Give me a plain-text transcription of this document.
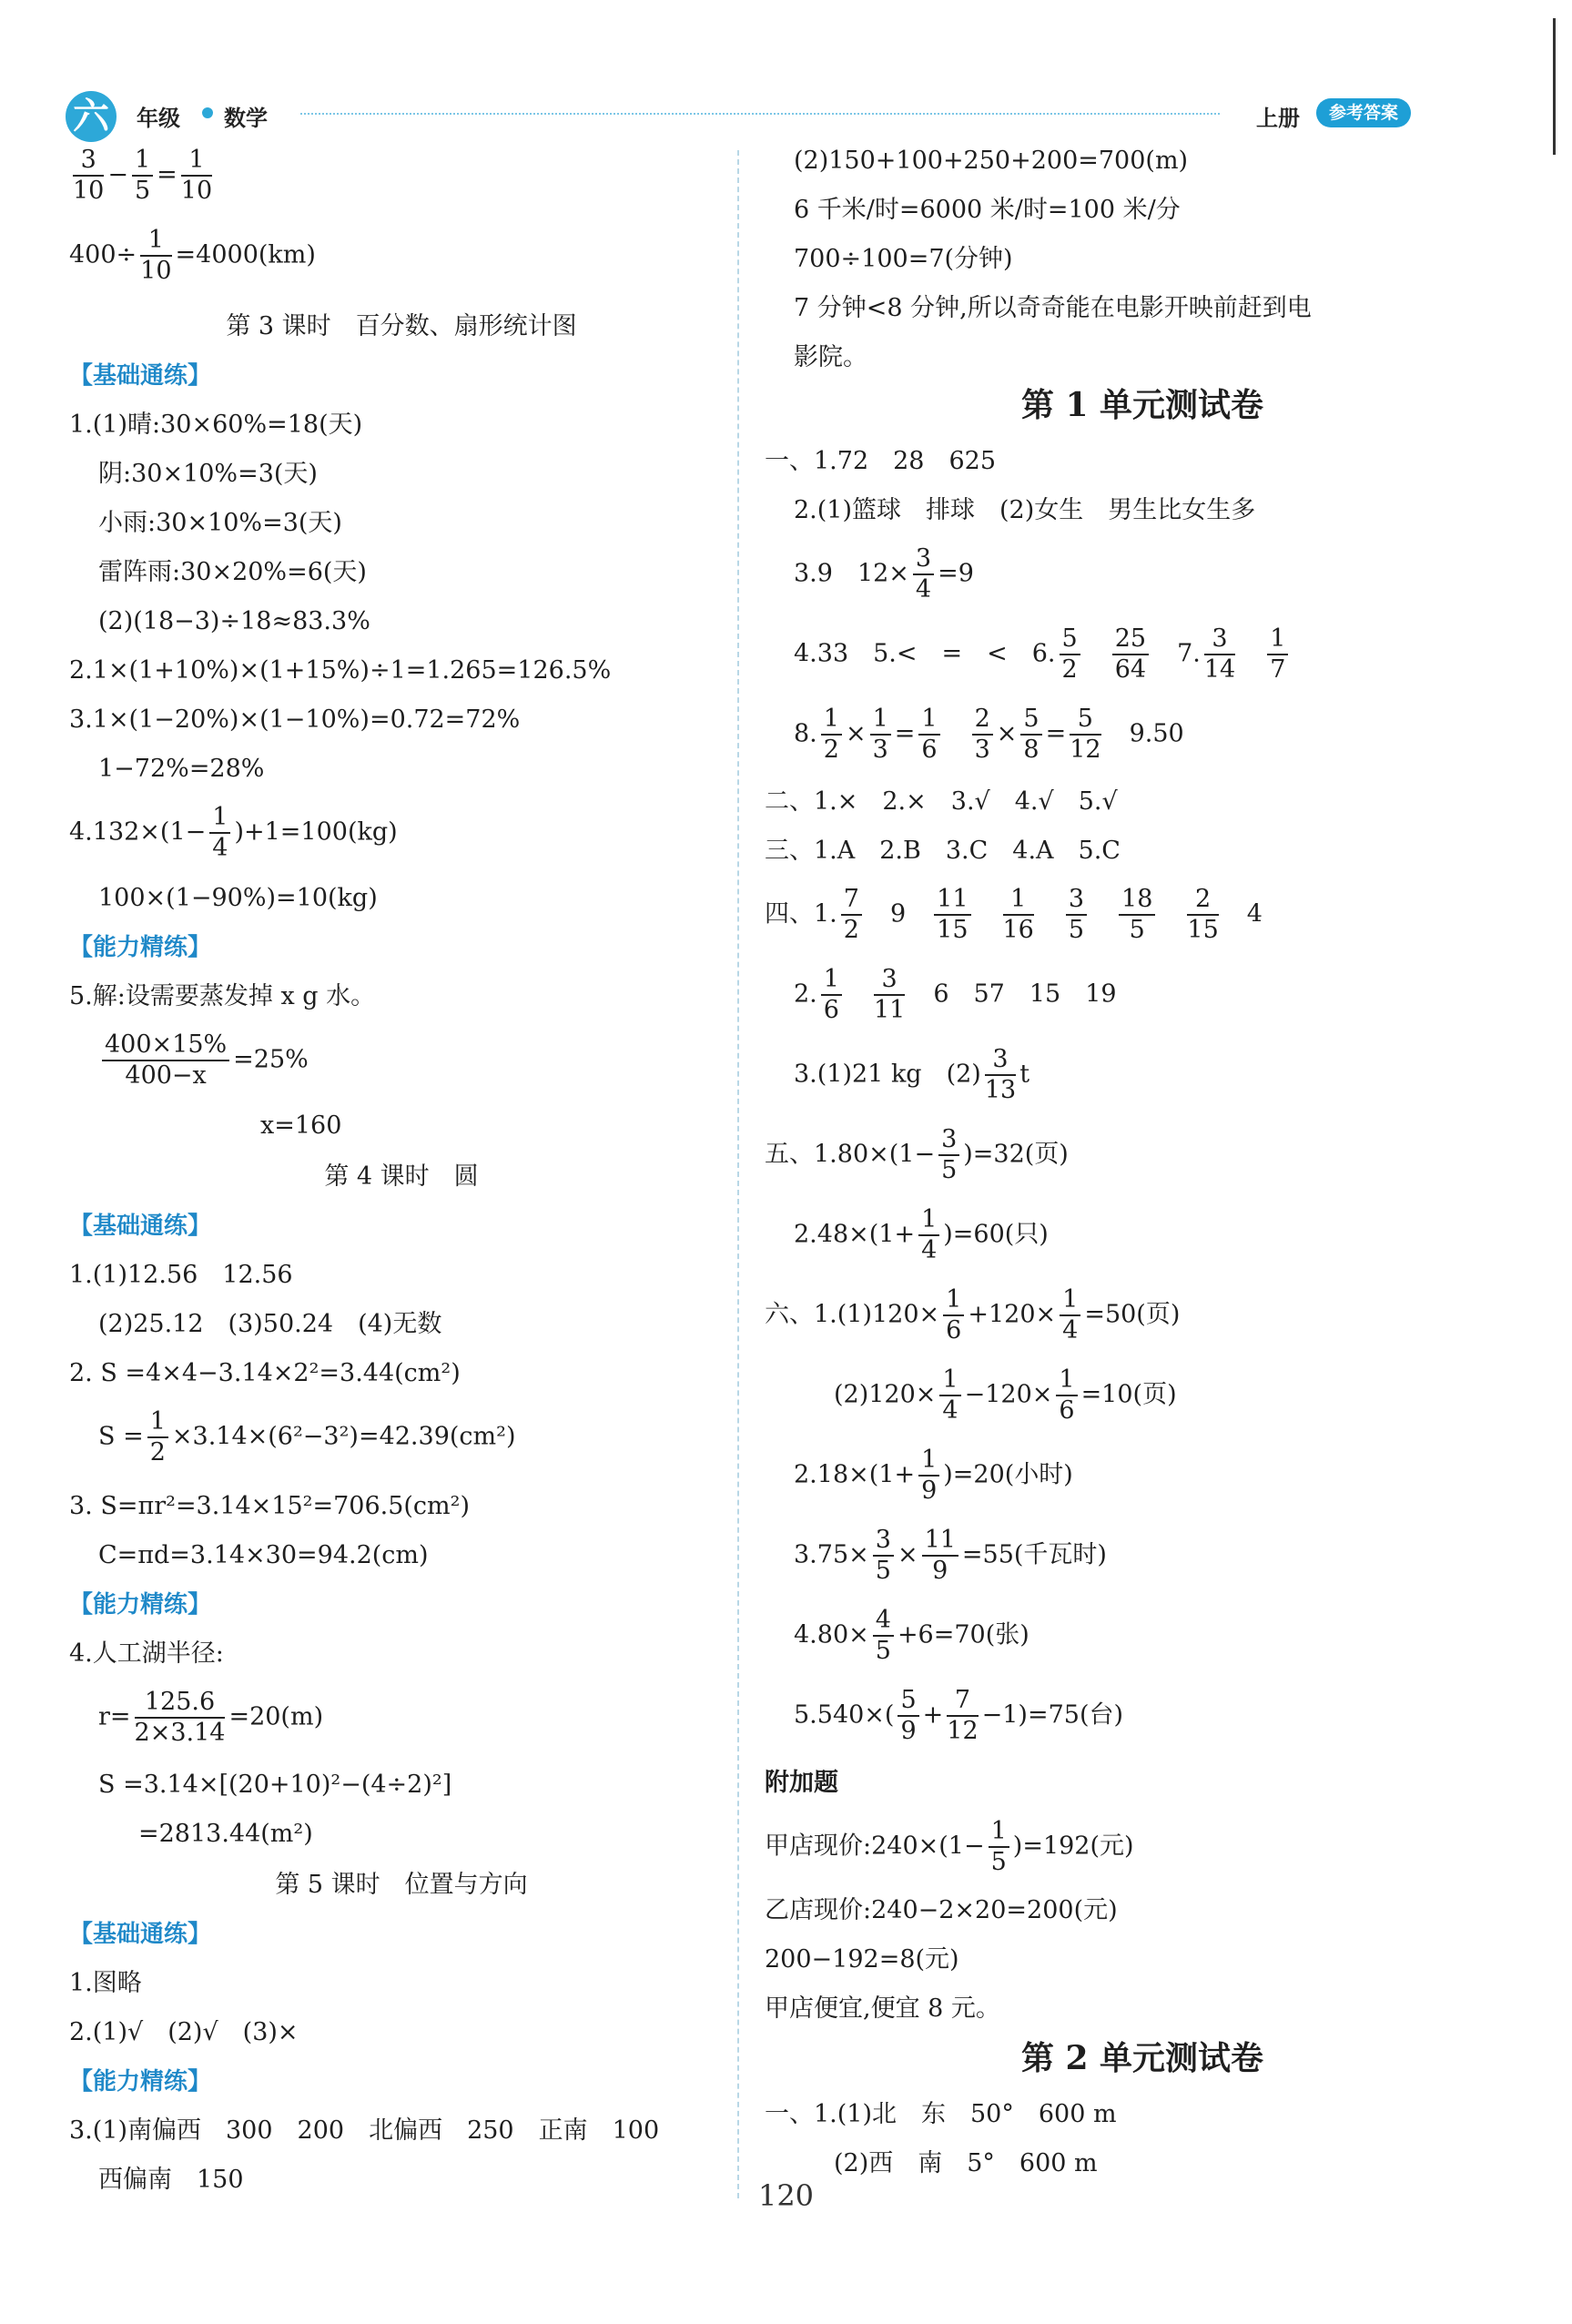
六	年级 数学	上册	参考答案
$\frac{3}{10} - \frac{1}{5} = \frac{1}{10}$
$400\div \frac{1}{10} =4000(km)$
第 3 课时　百分数、扇形统计图
【基础通练】
1.(1)晴:30×60%=18(天)
阴:30×10%=3(天)
小雨:30×10%=3(天)
雷阵雨:30×20%=6(天)
(2)(18−3)÷18≈83.3%
2.1×(1+10%)×(1+15%)÷1=1.265=126.5%
3.1×(1−20%)×(1−10%)=0.72=72%
1−72%=28%
$4.132\times(1- \frac{1}{4} )+1=100(kg)$
100×(1−90%)=10(kg)
【能力精练】
5.解:设需要蒸发掉 x g 水。
$\frac{400\times 15\%}{400-x} =25\%$
x=160
第 4 课时　圆
【基础通练】
1.(1)12.56　12.56
(2)25.12　(3)50.24　(4)无数
2. S =4×4−3.14×2²=3.44(cm²)
$S = \frac{1}{2} \times 3.14\times(6^2-3^2)=42.39(cm^2)$
3. S=πr²=3.14×15²=706.5(cm²)
C=πd=3.14×30=94.2(cm)
【能力精练】
4.人工湖半径:
$r= \frac{125.6}{2\times 3.14} =20(m)$
S =3.14×[(20+10)²−(4÷2)²]
=2813.44(m²)
第 5 课时　位置与方向
【基础通练】
1.图略
2.(1)√　(2)√　(3)×
【能力精练】
3.(1)南偏西　300　200　北偏西　250　正南　100
西偏南　150
(2)150+100+250+200=700(m)
6 千米/时=6000 米/时=100 米/分
700÷100=7(分钟)
7 分钟<8 分钟,所以奇奇能在电影开映前赶到电
影院。
第 1 单元测试卷
一、1.72　28　625
2.(1)篮球　排球　(2)女生　男生比女生多
3.9　$12\times \frac{3}{4} =9$
4.33　5.<　=　<　6. $\frac{5}{2}$
　 $\frac{25}{64}$
　 7. $\frac{3}{14}$
　 $\frac{1}{7}$
8. $\frac{1}{2} \times \frac{1}{3} = \frac{1}{6}$
　 $\frac{2}{3} \times \frac{5}{8} = \frac{5}{12}$
　 9.50
二、1.×　2.×　3.√　4.√　5.√
三、1.A　2.B　3.C　4.A　5.C
四、1. $\frac{7}{2}$
　 9　 $\frac{11}{15}$
　 $\frac{1}{16}$
　 $\frac{3}{5}$
　 $\frac{18}{5}$
　 $\frac{2}{15}$
　 4
2. $\frac{1}{6}$
　 $\frac{3}{11}$
　 6　57　15　19
3.(1)21 kg　$(2) \frac{3}{13}$ t
五、$1.80\times(1- \frac{3}{5} )=32$(页)
$2.48\times(1+ \frac{1}{4} )=60$(只)
六、$1.(1)120\times \frac{1}{6} +120\times \frac{1}{4} =50$(页)
$(2)120\times \frac{1}{4} -120\times \frac{1}{6} =10$(页)
$2.18\times(1+ \frac{1}{9} )=20$(小时)
$3.75\times \frac{3}{5} \times \frac{11}{9} =55$(千瓦时)
$4.80\times \frac{4}{5} +6=70$(张)
$5.540\times( \frac{5}{9} + \frac{7}{12} -1)=75$(台)
附加题
甲店现价:240×(1− $\frac{1}{5} )=192$(元)
乙店现价:240−2×20=200(元)
200−192=8(元)
甲店便宜,便宜 8 元。
第 2 单元测试卷
一、1.(1)北　东　50°　600 m
(2)西　南　5°　600 m
120
